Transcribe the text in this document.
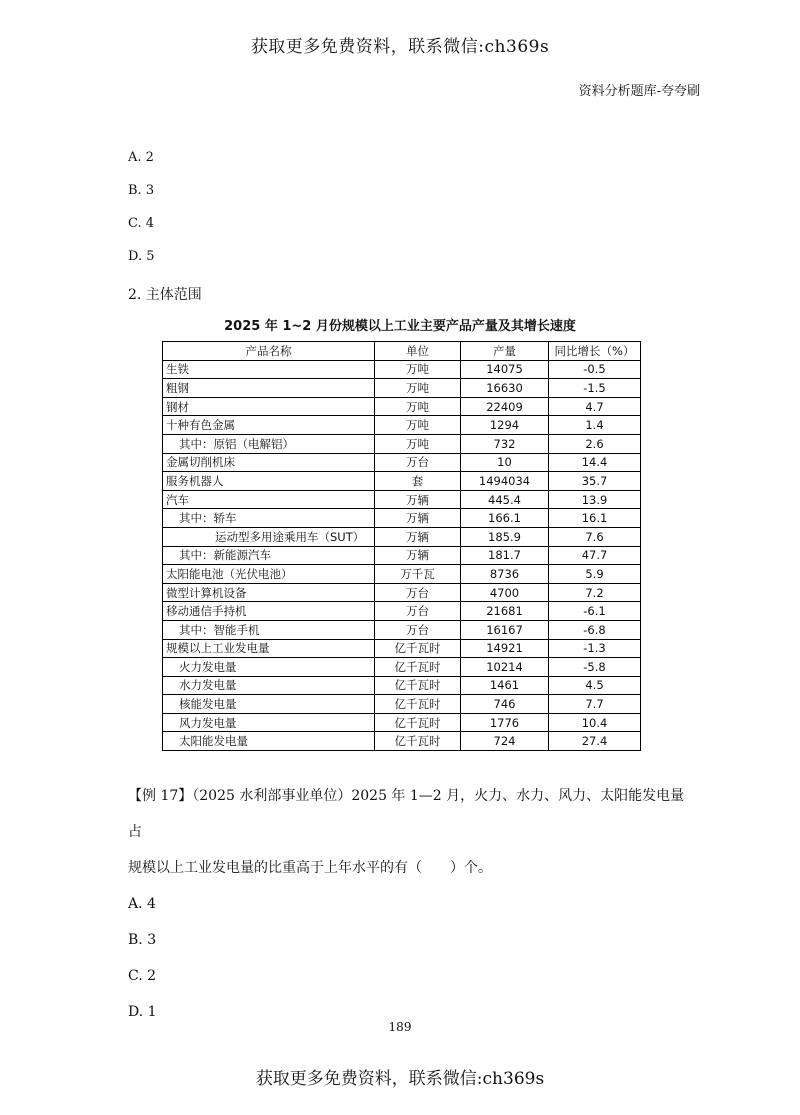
获取更多免费资料，联系微信:ch369s
资料分析题库-夸夸刷
A. 2
B. 3
C. 4
D. 5
2. 主体范围
2025 年 1~2 月份规模以上工业主要产品产量及其增长速度
产品名称	单位	产量	同比增长（%）
生铁	万吨	14075	-0.5
粗钢	万吨	16630	-1.5
钢材	万吨	22409	4.7
十种有色金属	万吨	1294	1.4
其中：原铝（电解铝）	万吨	732	2.6
金属切削机床	万台	10	14.4
服务机器人	套	1494034	35.7
汽车	万辆	445.4	13.9
其中：轿车	万辆	166.1	16.1
运动型多用途乘用车（SUT）	万辆	185.9	7.6
其中：新能源汽车	万辆	181.7	47.7
太阳能电池（光伏电池）	万千瓦	8736	5.9
微型计算机设备	万台	4700	7.2
移动通信手持机	万台	21681	-6.1
其中：智能手机	万台	16167	-6.8
规模以上工业发电量	亿千瓦时	14921	-1.3
火力发电量	亿千瓦时	10214	-5.8
水力发电量	亿千瓦时	1461	4.5
核能发电量	亿千瓦时	746	7.7
风力发电量	亿千瓦时	1776	10.4
太阳能发电量	亿千瓦时	724	27.4

【例 17】（2025 水利部事业单位）2025 年 1—2 月，火力、水力、风力、太阳能发电量占

规模以上工业发电量的比重高于上年水平的有（　　）个。

A. 4

B. 3

C. 2

D. 1

189
获取更多免费资料，联系微信:ch369s
